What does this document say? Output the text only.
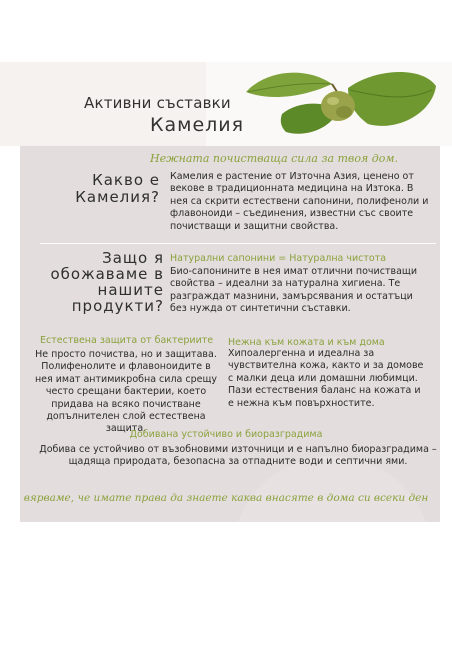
Активни съставки
Камелия
Нежната почистваща сила за твоя дом.
Какво е Камелия?
Камелия е растение от Източна Азия, ценено от векове в традиционната медицина на Изтока. В нея са скрити естествени сапонини, полифеноли и флавоноиди – съединения, известни със своите почистващи и защитни свойства.
Защо я обожаваме в нашите продукти?
Натурални сапонини = Натурална чистота
Био-сапонините в нея имат отлични почистващи свойства – идеални за натурална хигиена. Те разграждат мазнини, замърсявания и остатъци без нужда от синтетични съставки.
Естествена защита от бактериите
Не просто почиства, но и защитава. Полифенолите и флавоноидите в нея имат антимикробна сила срещу често срещани бактерии, което придава на всяко почистване допълнителен слой естествена защита.
Нежна към кожата и към дома
Хипоалергенна и идеална за чувствителна кожа, както и за домове с малки деца или домашни любимци. Пази естествения баланс на кожата и е нежна към повърхностите.
Добивана устойчиво и биоразградима
Добива се устойчиво от възобновими източници и е напълно биоразградима – щадяща природата, безопасна за отпадните води и септични ями.
вярваме, че имате права да знаете каква внасяте в дома си всеки ден
